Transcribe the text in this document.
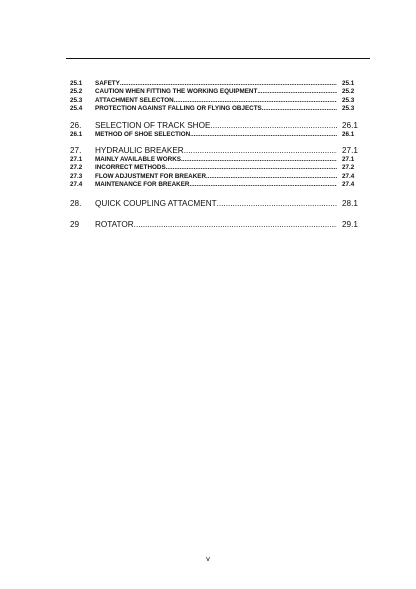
25.1	SAFETY .....	25.1
25.2	CAUTION WHEN FITTING THE WORKING EQUIPMENT .....	25.2
25.3	ATTACHMENT SELECTON .....	25.3
25.4	PROTECTION AGAINST FALLING OR FLYING OBJECTS .....	25.3
26.	SELECTION OF TRACK SHOE .....	26.1
26.1	METHOD OF SHOE SELECTION .....	26.1
27.	HYDRAULIC BREAKER .....	27.1
27.1	MAINLY AVAILABLE WORKS .....	27.1
27.2	INCORRECT METHODS .....	27.2
27.3	FLOW ADJUSTMENT FOR BREAKER .....	27.4
27.4	MAINTENANCE FOR BREAKER .....	27.4
28.	QUICK COUPLING ATTACMENT .....	28.1
29	ROTATOR .....	29.1
v
